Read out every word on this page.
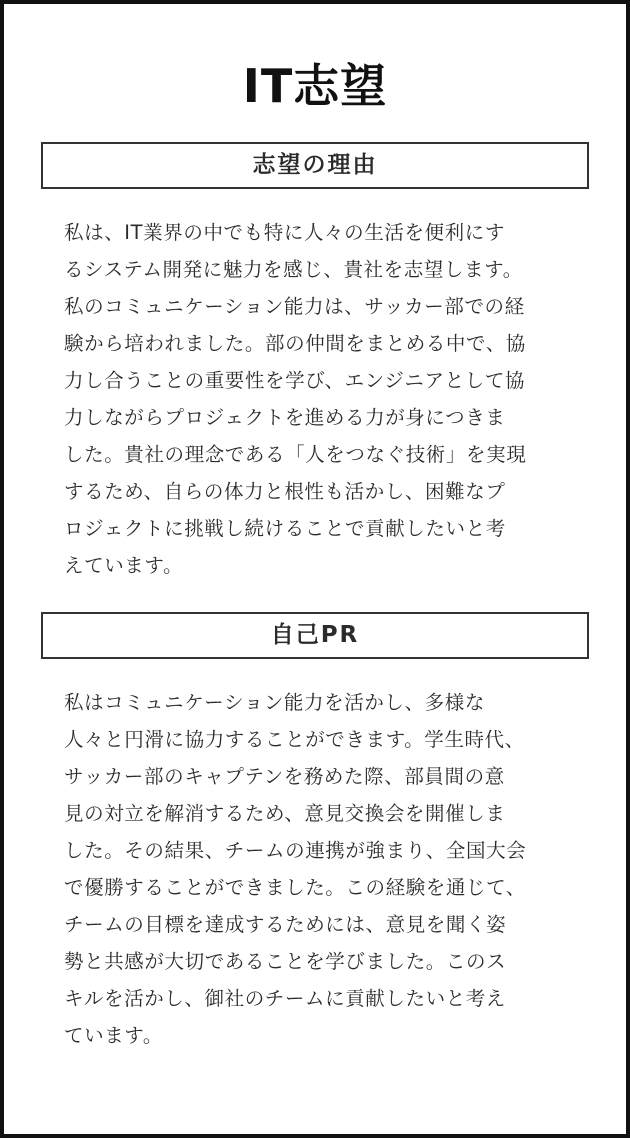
IT志望
志望の理由
私は、IT業界の中でも特に人々の生活を便利にす
るシステム開発に魅力を感じ、貴社を志望します。
私のコミュニケーション能力は、サッカー部での経
験から培われました。部の仲間をまとめる中で、協
力し合うことの重要性を学び、エンジニアとして協
力しながらプロジェクトを進める力が身につきま
した。貴社の理念である「人をつなぐ技術」を実現
するため、自らの体力と根性も活かし、困難なプ
ロジェクトに挑戦し続けることで貢献したいと考
えています。
自己PR
私はコミュニケーション能力を活かし、多様な
人々と円滑に協力することができます。学生時代、
サッカー部のキャプテンを務めた際、部員間の意
見の対立を解消するため、意見交換会を開催しま
した。その結果、チームの連携が強まり、全国大会
で優勝することができました。この経験を通じて、
チームの目標を達成するためには、意見を聞く姿
勢と共感が大切であることを学びました。このス
キルを活かし、御社のチームに貢献したいと考え
ています。
